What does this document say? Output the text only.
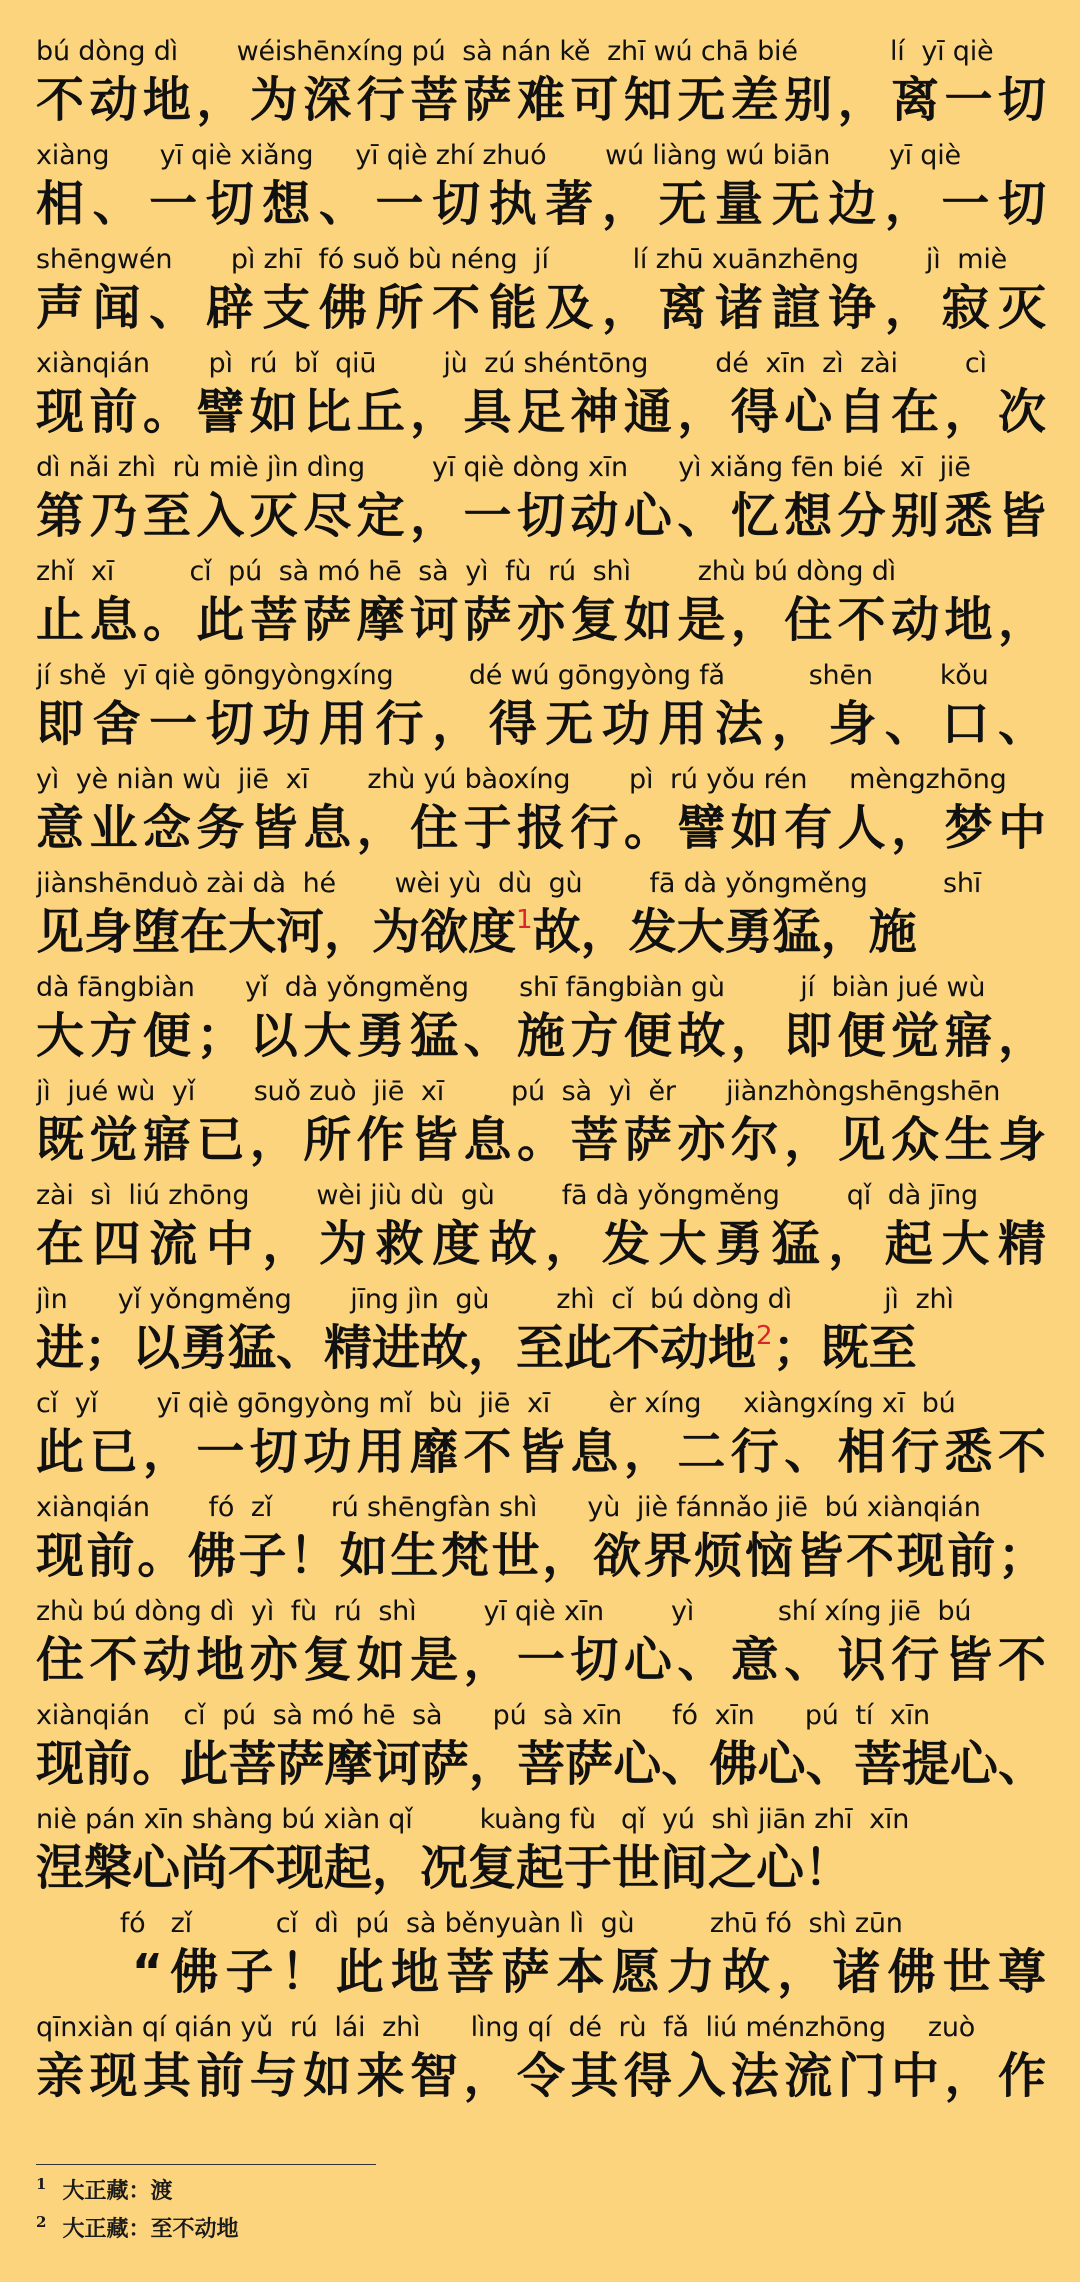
bú dòng dì       wéishēnxíng pú  sà nán kě  zhī wú chā bié           lí  yī qiè
不动地，为深行菩萨难可知无差别，离一切
xiàng      yī qiè xiǎng     yī qiè zhí zhuó       wú liàng wú biān       yī qiè
相、一切想、一切执著，无量无边，一切
shēngwén       pì zhī  fó suǒ bù néng  jí          lí zhū xuānzhēng        jì  miè
声闻、辟支佛所不能及，离诸諠诤，寂灭
xiànqián       pì  rú  bǐ  qiū        jù  zú shéntōng        dé  xīn  zì  zài        cì
现前。譬如比丘，具足神通，得心自在，次
dì nǎi zhì  rù miè jìn dìng        yī qiè dòng xīn      yì xiǎng fēn bié  xī  jiē
第乃至入灭尽定，一切动心、忆想分别悉皆
zhǐ  xī         cǐ  pú  sà mó hē  sà  yì  fù  rú  shì        zhù bú dòng dì
止息。此菩萨摩诃萨亦复如是，住不动地，
jí shě  yī qiè gōngyòngxíng         dé wú gōngyòng fǎ          shēn        kǒu
即舍一切功用行，得无功用法，身、口、
yì  yè niàn wù  jiē  xī       zhù yú bàoxíng       pì  rú yǒu rén     mèngzhōng
意业念务皆息，住于报行。譬如有人，梦中
jiànshēnduò zài dà  hé       wèi yù  dù  gù        fā dà yǒngměng         shī
见身堕在大河，为欲度$^1$故，发大勇猛，施
dà fāngbiàn      yǐ  dà yǒngměng      shī fāngbiàn gù         jí  biàn jué wù
大方便；以大勇猛、施方便故，即便觉寤，
jì  jué wù  yǐ       suǒ zuò  jiē  xī        pú  sà  yì  ěr      jiànzhòngshēngshēn
既觉寤已，所作皆息。菩萨亦尔，见众生身
zài  sì  liú zhōng        wèi jiù dù  gù        fā dà yǒngměng        qǐ  dà jīng
在四流中，为救度故，发大勇猛，起大精
jìn      yǐ yǒngměng       jīng jìn  gù        zhì  cǐ  bú dòng dì           jì  zhì
进；以勇猛、精进故，至此不动地$^2$；既至
cǐ  yǐ       yī qiè gōngyòng mǐ  bù  jiē  xī       èr xíng     xiàngxíng xī  bú
此已，一切功用靡不皆息，二行、相行悉不
xiànqián       fó  zǐ       rú shēngfàn shì      yù  jiè fánnǎo jiē  bú xiànqián
现前。佛子！如生梵世，欲界烦恼皆不现前；
zhù bú dòng dì  yì  fù  rú  shì        yī qiè xīn        yì          shí xíng jiē  bú
住不动地亦复如是，一切心、意、识行皆不
xiànqián    cǐ  pú  sà mó hē  sà      pú  sà xīn      fó  xīn      pú  tí  xīn
现前。此菩萨摩诃萨，菩萨心、佛心、菩提心、
niè pán xīn shàng bú xiàn qǐ        kuàng fù   qǐ  yú  shì jiān zhī  xīn
涅槃心尚不现起，况复起于世间之心！
fó   zǐ          cǐ  dì  pú  sà běnyuàn lì  gù         zhū fó  shì zūn
“佛子！此地菩萨本愿力故，诸佛世尊
qīnxiàn qí qián yǔ  rú  lái  zhì      lìng qí  dé  rù  fǎ  liú ménzhōng     zuò
亲现其前与如来智，令其得入法流门中，作
$^1$ 大正藏：渡
$^2$ 大正藏：至不动地
